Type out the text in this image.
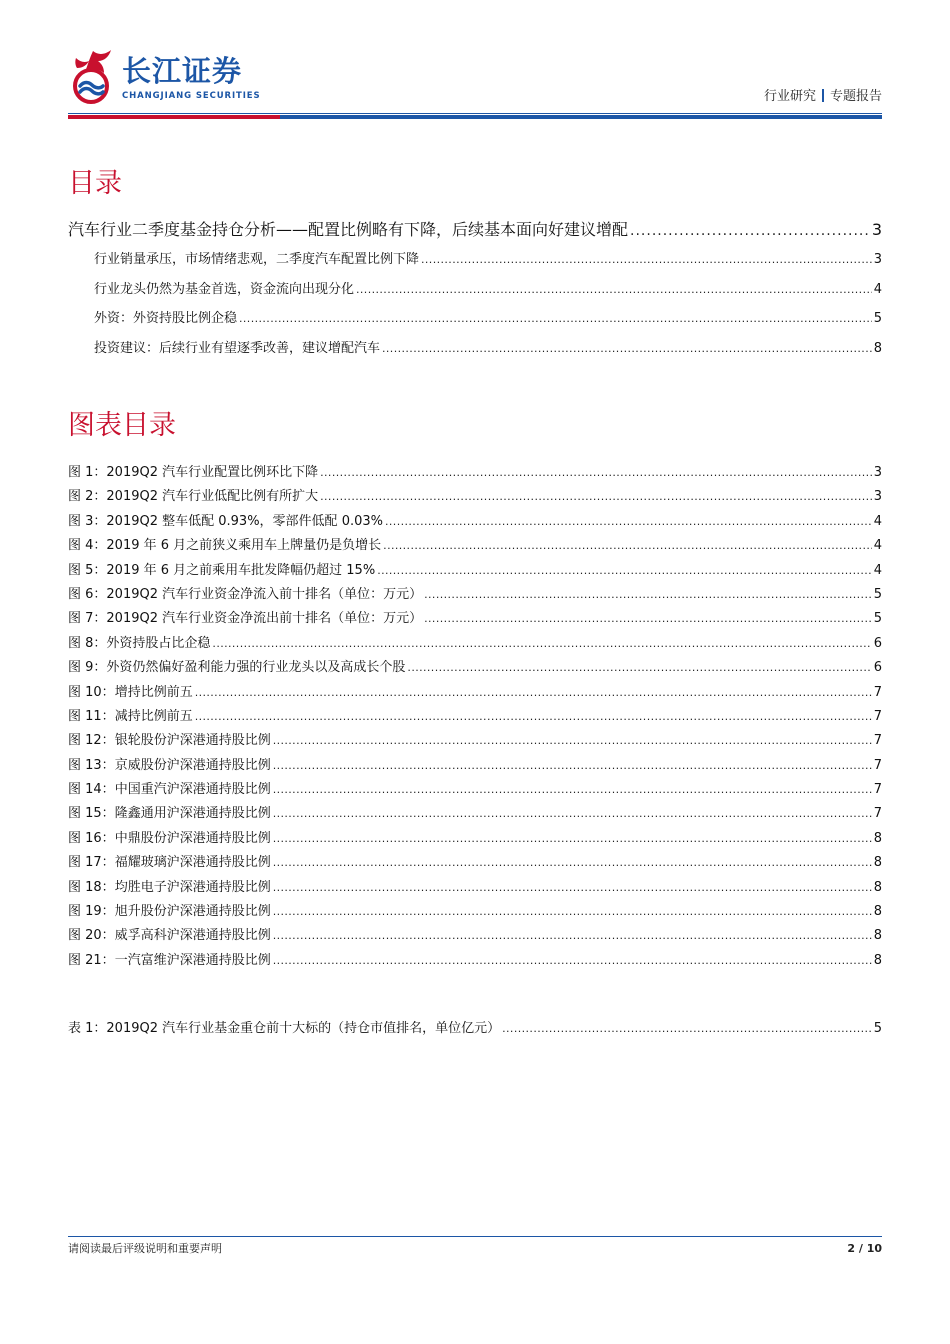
长江证券
CHANGJIANG SECURITIES	行业研究 专题报告
目录
汽车行业二季度基金持仓分析——配置比例略有下降，后续基本面向好建议增配 .....	3
行业销量承压，市场情绪悲观，二季度汽车配置比例下降 .....	3
行业龙头仍然为基金首选，资金流向出现分化 .....	4
外资：外资持股比例企稳 .....	5
投资建议：后续行业有望逐季改善，建议增配汽车 .....	8
图表目录
图 1：2019Q2 汽车行业配置比例环比下降 .....	3
图 2：2019Q2 汽车行业低配比例有所扩大 .....	3
图 3：2019Q2 整车低配 0.93%，零部件低配 0.03% .....	4
图 4：2019 年 6 月之前狭义乘用车上牌量仍是负增长 .....	4
图 5：2019 年 6 月之前乘用车批发降幅仍超过 15% .....	4
图 6：2019Q2 汽车行业资金净流入前十排名（单位：万元） .....	5
图 7：2019Q2 汽车行业资金净流出前十排名（单位：万元） .....	5
图 8：外资持股占比企稳 .....	6
图 9：外资仍然偏好盈利能力强的行业龙头以及高成长个股 .....	6
图 10：增持比例前五 .....	7
图 11：减持比例前五 .....	7
图 12：银轮股份沪深港通持股比例 .....	7
图 13：京威股份沪深港通持股比例 .....	7
图 14：中国重汽沪深港通持股比例 .....	7
图 15：隆鑫通用沪深港通持股比例 .....	7
图 16：中鼎股份沪深港通持股比例 .....	8
图 17：福耀玻璃沪深港通持股比例 .....	8
图 18：均胜电子沪深港通持股比例 .....	8
图 19：旭升股份沪深港通持股比例 .....	8
图 20：威孚高科沪深港通持股比例 .....	8
图 21：一汽富维沪深港通持股比例 .....	8
表 1：2019Q2 汽车行业基金重仓前十大标的（持仓市值排名，单位亿元） .....	5
请阅读最后评级说明和重要声明	2 / 10
